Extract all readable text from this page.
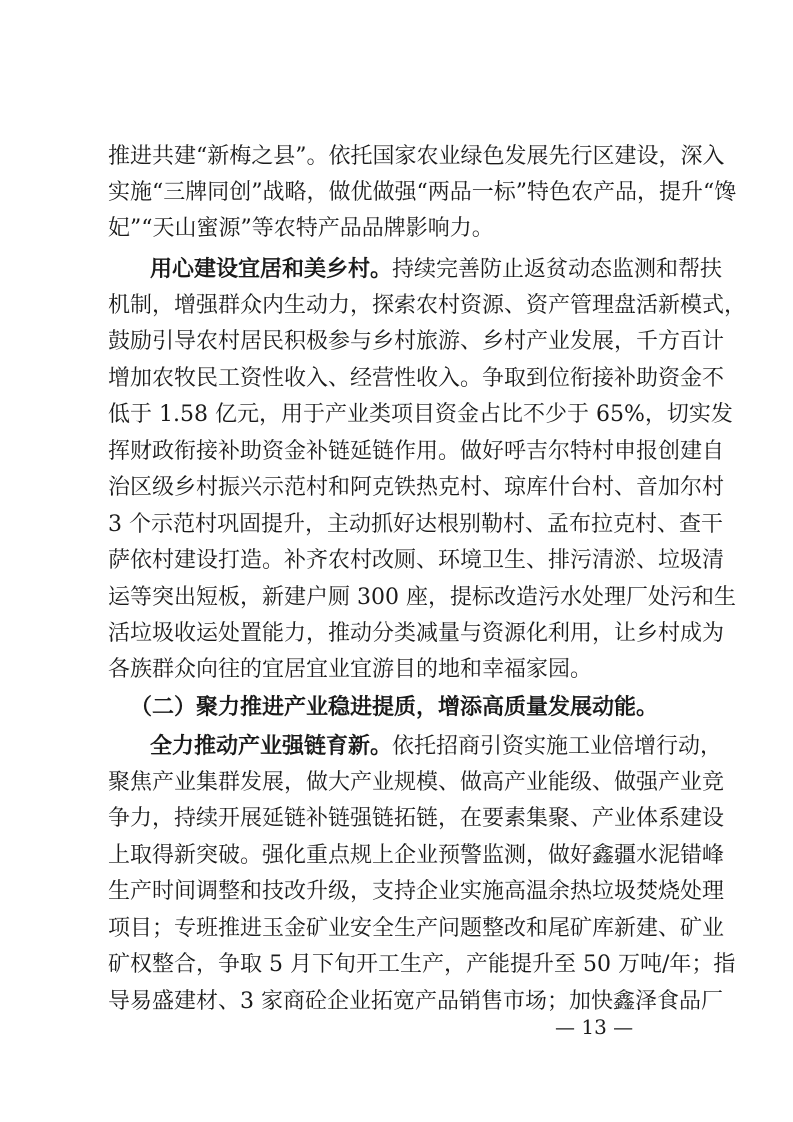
推进共建“新梅之县”。依托国家农业绿色发展先行区建设，深入
实施“三牌同创”战略，做优做强“两品一标”特色农产品，提升“馋
妃”“天山蜜源”等农特产品品牌影响力。
用心建设宜居和美乡村。持续完善防止返贫动态监测和帮扶
机制，增强群众内生动力，探索农村资源、资产管理盘活新模式，
鼓励引导农村居民积极参与乡村旅游、乡村产业发展，千方百计
增加农牧民工资性收入、经营性收入。争取到位衔接补助资金不
低于 1.58 亿元，用于产业类项目资金占比不少于 65%，切实发
挥财政衔接补助资金补链延链作用。做好呼吉尔特村申报创建自
治区级乡村振兴示范村和阿克铁热克村、琼库什台村、音加尔村
3 个示范村巩固提升，主动抓好达根别勒村、孟布拉克村、查干
萨依村建设打造。补齐农村改厕、环境卫生、排污清淤、垃圾清
运等突出短板，新建户厕 300 座，提标改造污水处理厂处污和生
活垃圾收运处置能力，推动分类减量与资源化利用，让乡村成为
各族群众向往的宜居宜业宜游目的地和幸福家园。
（二）聚力推进产业稳进提质，增添高质量发展动能。
全力推动产业强链育新。依托招商引资实施工业倍增行动，
聚焦产业集群发展，做大产业规模、做高产业能级、做强产业竞
争力，持续开展延链补链强链拓链，在要素集聚、产业体系建设
上取得新突破。强化重点规上企业预警监测，做好鑫疆水泥错峰
生产时间调整和技改升级，支持企业实施高温余热垃圾焚烧处理
项目；专班推进玉金矿业安全生产问题整改和尾矿库新建、矿业
矿权整合，争取 5 月下旬开工生产，产能提升至 50 万吨/年；指
导易盛建材、3 家商砼企业拓宽产品销售市场；加快鑫泽食品厂
— 13 —
